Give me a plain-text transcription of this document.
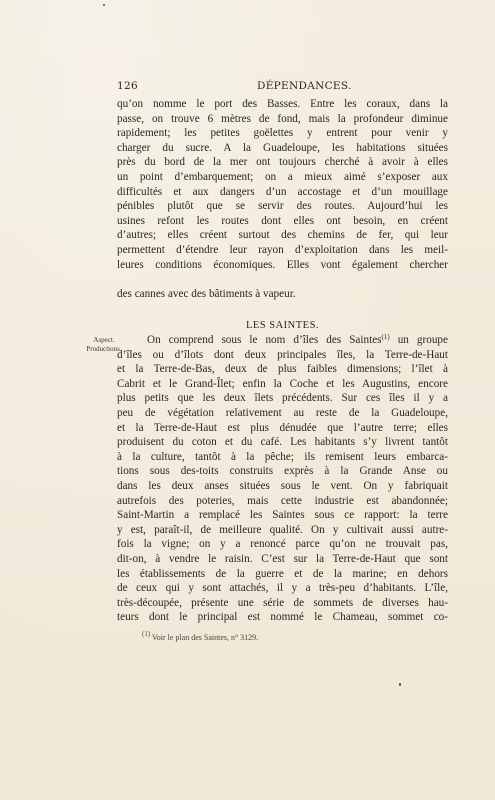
126	DÉPENDANCES.
qu’on nomme le port des Basses. Entre les coraux, dans la
passe, on trouve 6 mètres de fond, mais la profondeur diminue
rapidement; les petites goëlettes y entrent pour venir y
charger du sucre. A la Guadeloupe, les habitations situées
près du bord de la mer ont toujours cherché à avoir à elles
un point d’embarquement; on a mieux aimé s’exposer aux
difficultés et aux dangers d’un accostage et d’un mouillage
pénibles plutôt que se servir des routes. Aujourd’hui les
usines refont les routes dont elles ont besoin, en créent
d’autres; elles créent surtout des chemins de fer, qui leur
permettent d’étendre leur rayon d’exploitation dans les meil-
leures conditions économiques. Elles vont également chercher
des cannes avec des bâtiments à vapeur.
LES SAINTES.
Aspect.
Productions.
On comprend sous le nom d’îles des Saintes$^{(1)}$ un groupe
d’îles ou d’îlots dont deux principales îles, la Terre-de-Haut
et la Terre-de-Bas, deux de plus faibles dimensions; l’îlet à
Cabrit et le Grand-Îlet; enfin la Coche et les Augustins, encore
plus petits que les deux îlets précédents. Sur ces îles il y a
peu de végétation relativement au reste de la Guadeloupe,
et la Terre-de-Haut est plus dénudée que l’autre terre; elles
produisent du coton et du café. Les habitants s’y livrent tantôt
à la culture, tantôt à la pêche; ils remisent leurs embarca-
tions sous des-toits construits exprès à la Grande Anse ou
dans les deux anses situées sous le vent. On y fabriquait
autrefois des poteries, mais cette industrie est abandonnée;
Saint-Martin a remplacé les Saintes sous ce rapport: la terre
y est, paraît-il, de meilleure qualité. On y cultivait aussi autre-
fois la vigne; on y a renoncé parce qu’on ne trouvait pas,
dit-on, à vendre le raisin. C’est sur la Terre-de-Haut que sont
les établissements de la guerre et de la marine; en dehors
de ceux qui y sont attachés, il y a très-peu d’habitants. L’île,
très-découpée, présente une série de sommets de diverses hau-
teurs dont le principal est nommé le Chameau, sommet co-
$^{(1)}$ Voir le plan des Saintes, n° 3129.
